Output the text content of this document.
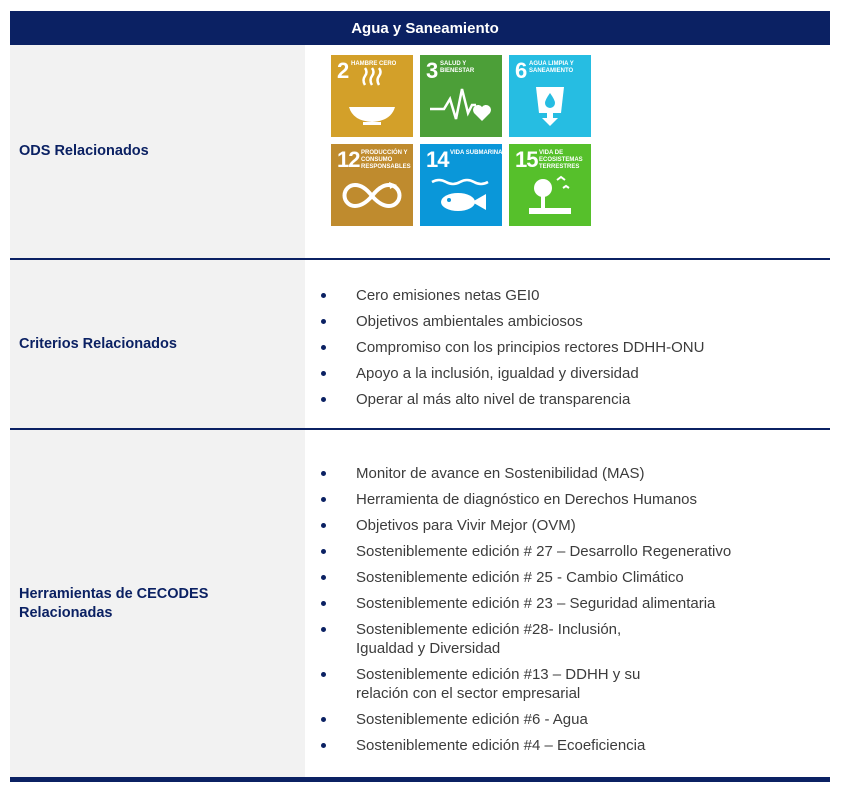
Agua y Saneamiento
ODS Relacionados
2 HAMBRE CERO	3 SALUD Y BIENESTAR	6 AGUA LIMPIA Y SANEAMIENTO
12 PRODUCCIÓN Y CONSUMO RESPONSABLES 14 VIDA SUBMARINA 15 VIDA DE ECOSISTEMAS TERRESTRES
Criterios Relacionados
Cero emisiones netas GEI0
Objetivos ambientales ambiciosos
Compromiso con los principios rectores DDHH-ONU
Apoyo a la inclusión, igualdad y diversidad
Operar al más alto nivel de transparencia
Herramientas de CECODES
Relacionadas
Monitor de avance en Sostenibilidad (MAS)
Herramienta de diagnóstico en Derechos Humanos
Objetivos para Vivir Mejor (OVM)
Sosteniblemente edición # 27 – Desarrollo Regenerativo
Sosteniblemente edición # 25 - Cambio Climático
Sosteniblemente edición # 23 – Seguridad alimentaria
Sosteniblemente edición #28- Inclusión,
Igualdad y Diversidad
Sosteniblemente edición #13 – DDHH y su
relación con el sector empresarial
Sosteniblemente edición #6 - Agua
Sosteniblemente edición #4 – Ecoeficiencia
